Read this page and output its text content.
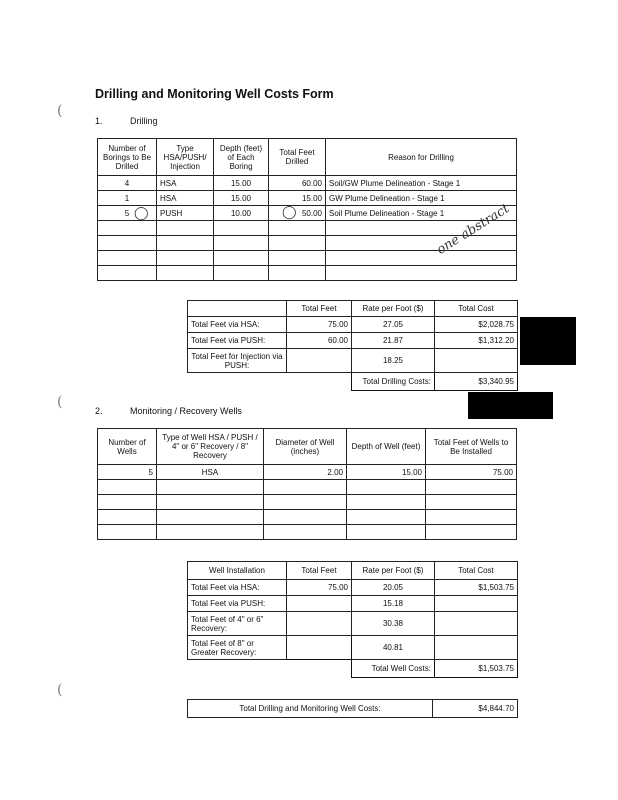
Drilling and Monitoring Well Costs Form
(
(
(
1.	Drilling
Number of Borings to Be Drilled	Type HSA/PUSH/ Injection	Depth (feet) of Each Boring	Total Feet Drilled	Reason for Drilling
4	HSA	15.00	60.00	Soil/GW Plume Delineation - Stage 1
1	HSA	15.00	15.00	GW Plume Delineation - Stage 1
5	PUSH	10.00	50.00	Soil Plume Delineation - Stage 1

one abstract
◯	◯
	Total Feet	Rate per Foot ($)	Total Cost
Total Feet via HSA:	75.00	27.05	$2,028.75
Total Feet via PUSH:	60.00	21.87	$1,312.20
Total Feet for Injection via PUSH:		18.25	
		Total Drilling Costs:	$3,340.95
2.	Monitoring / Recovery Wells
Number of Wells	Type of Well HSA / PUSH / 4" or 6" Recovery / 8" Recovery	Diameter of Well (inches)	Depth of Well (feet)	Total Feet of Wells to Be Installed
5	HSA	2.00	15.00	75.00

Well Installation	Total Feet	Rate per Foot ($)	Total Cost
Total Feet via HSA:	75.00	20.05	$1,503.75
Total Feet via PUSH:		15.18	
Total Feet of 4" or 6" Recovery:		30.38	
Total Feet of 8" or Greater Recovery:		40.81	
		Total Well Costs:	$1,503.75
Total Drilling and Monitoring Well Costs:	$4,844.70
